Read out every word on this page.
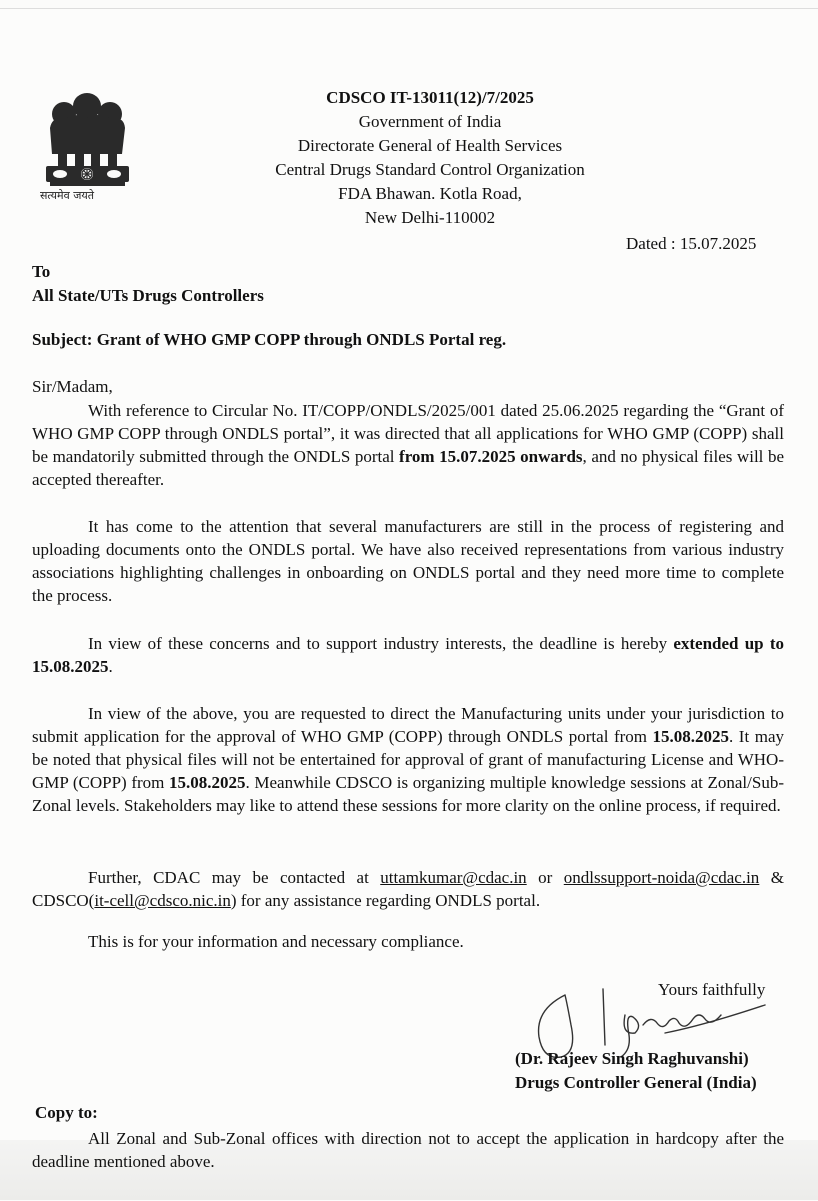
सत्यमेव जयते
CDSCO IT-13011(12)/7/2025
Government of India
Directorate General of Health Services
Central Drugs Standard Control Organization
FDA Bhawan. Kotla Road,
New Delhi-110002
Dated : 15.07.2025
To
All State/UTs Drugs Controllers
Subject: Grant of WHO GMP COPP through ONDLS Portal reg.
Sir/Madam,
With reference to Circular No. IT/COPP/ONDLS/2025/001 dated 25.06.2025 regarding the “Grant of WHO GMP COPP through ONDLS portal”, it was directed that all applications for WHO GMP (COPP) shall be mandatorily submitted through the ONDLS portal from 15.07.2025 onwards, and no physical files will be accepted thereafter.
It has come to the attention that several manufacturers are still in the process of registering and uploading documents onto the ONDLS portal. We have also received representations from various industry associations highlighting challenges in onboarding on ONDLS portal and they need more time to complete the process.
In view of these concerns and to support industry interests, the deadline is hereby extended up to 15.08.2025.
In view of the above, you are requested to direct the Manufacturing units under your jurisdiction to submit application for the approval of WHO GMP (COPP) through ONDLS portal from 15.08.2025. It may be noted that physical files will not be entertained for approval of grant of manufacturing License and WHO-GMP (COPP) from 15.08.2025. Meanwhile CDSCO is organizing multiple knowledge sessions at Zonal/Sub-Zonal levels. Stakeholders may like to attend these sessions for more clarity on the online process, if required.
Further, CDAC may be contacted at uttamkumar@cdac.in or ondlssupport-noida@cdac.in & CDSCO(it-cell@cdsco.nic.in) for any assistance regarding ONDLS portal.
This is for your information and necessary compliance.
Yours faithfully
(Dr. Rajeev Singh Raghuvanshi)
Drugs Controller General (India)
Copy to:
All Zonal and Sub-Zonal offices with direction not to accept the application in hardcopy after the deadline mentioned above.
